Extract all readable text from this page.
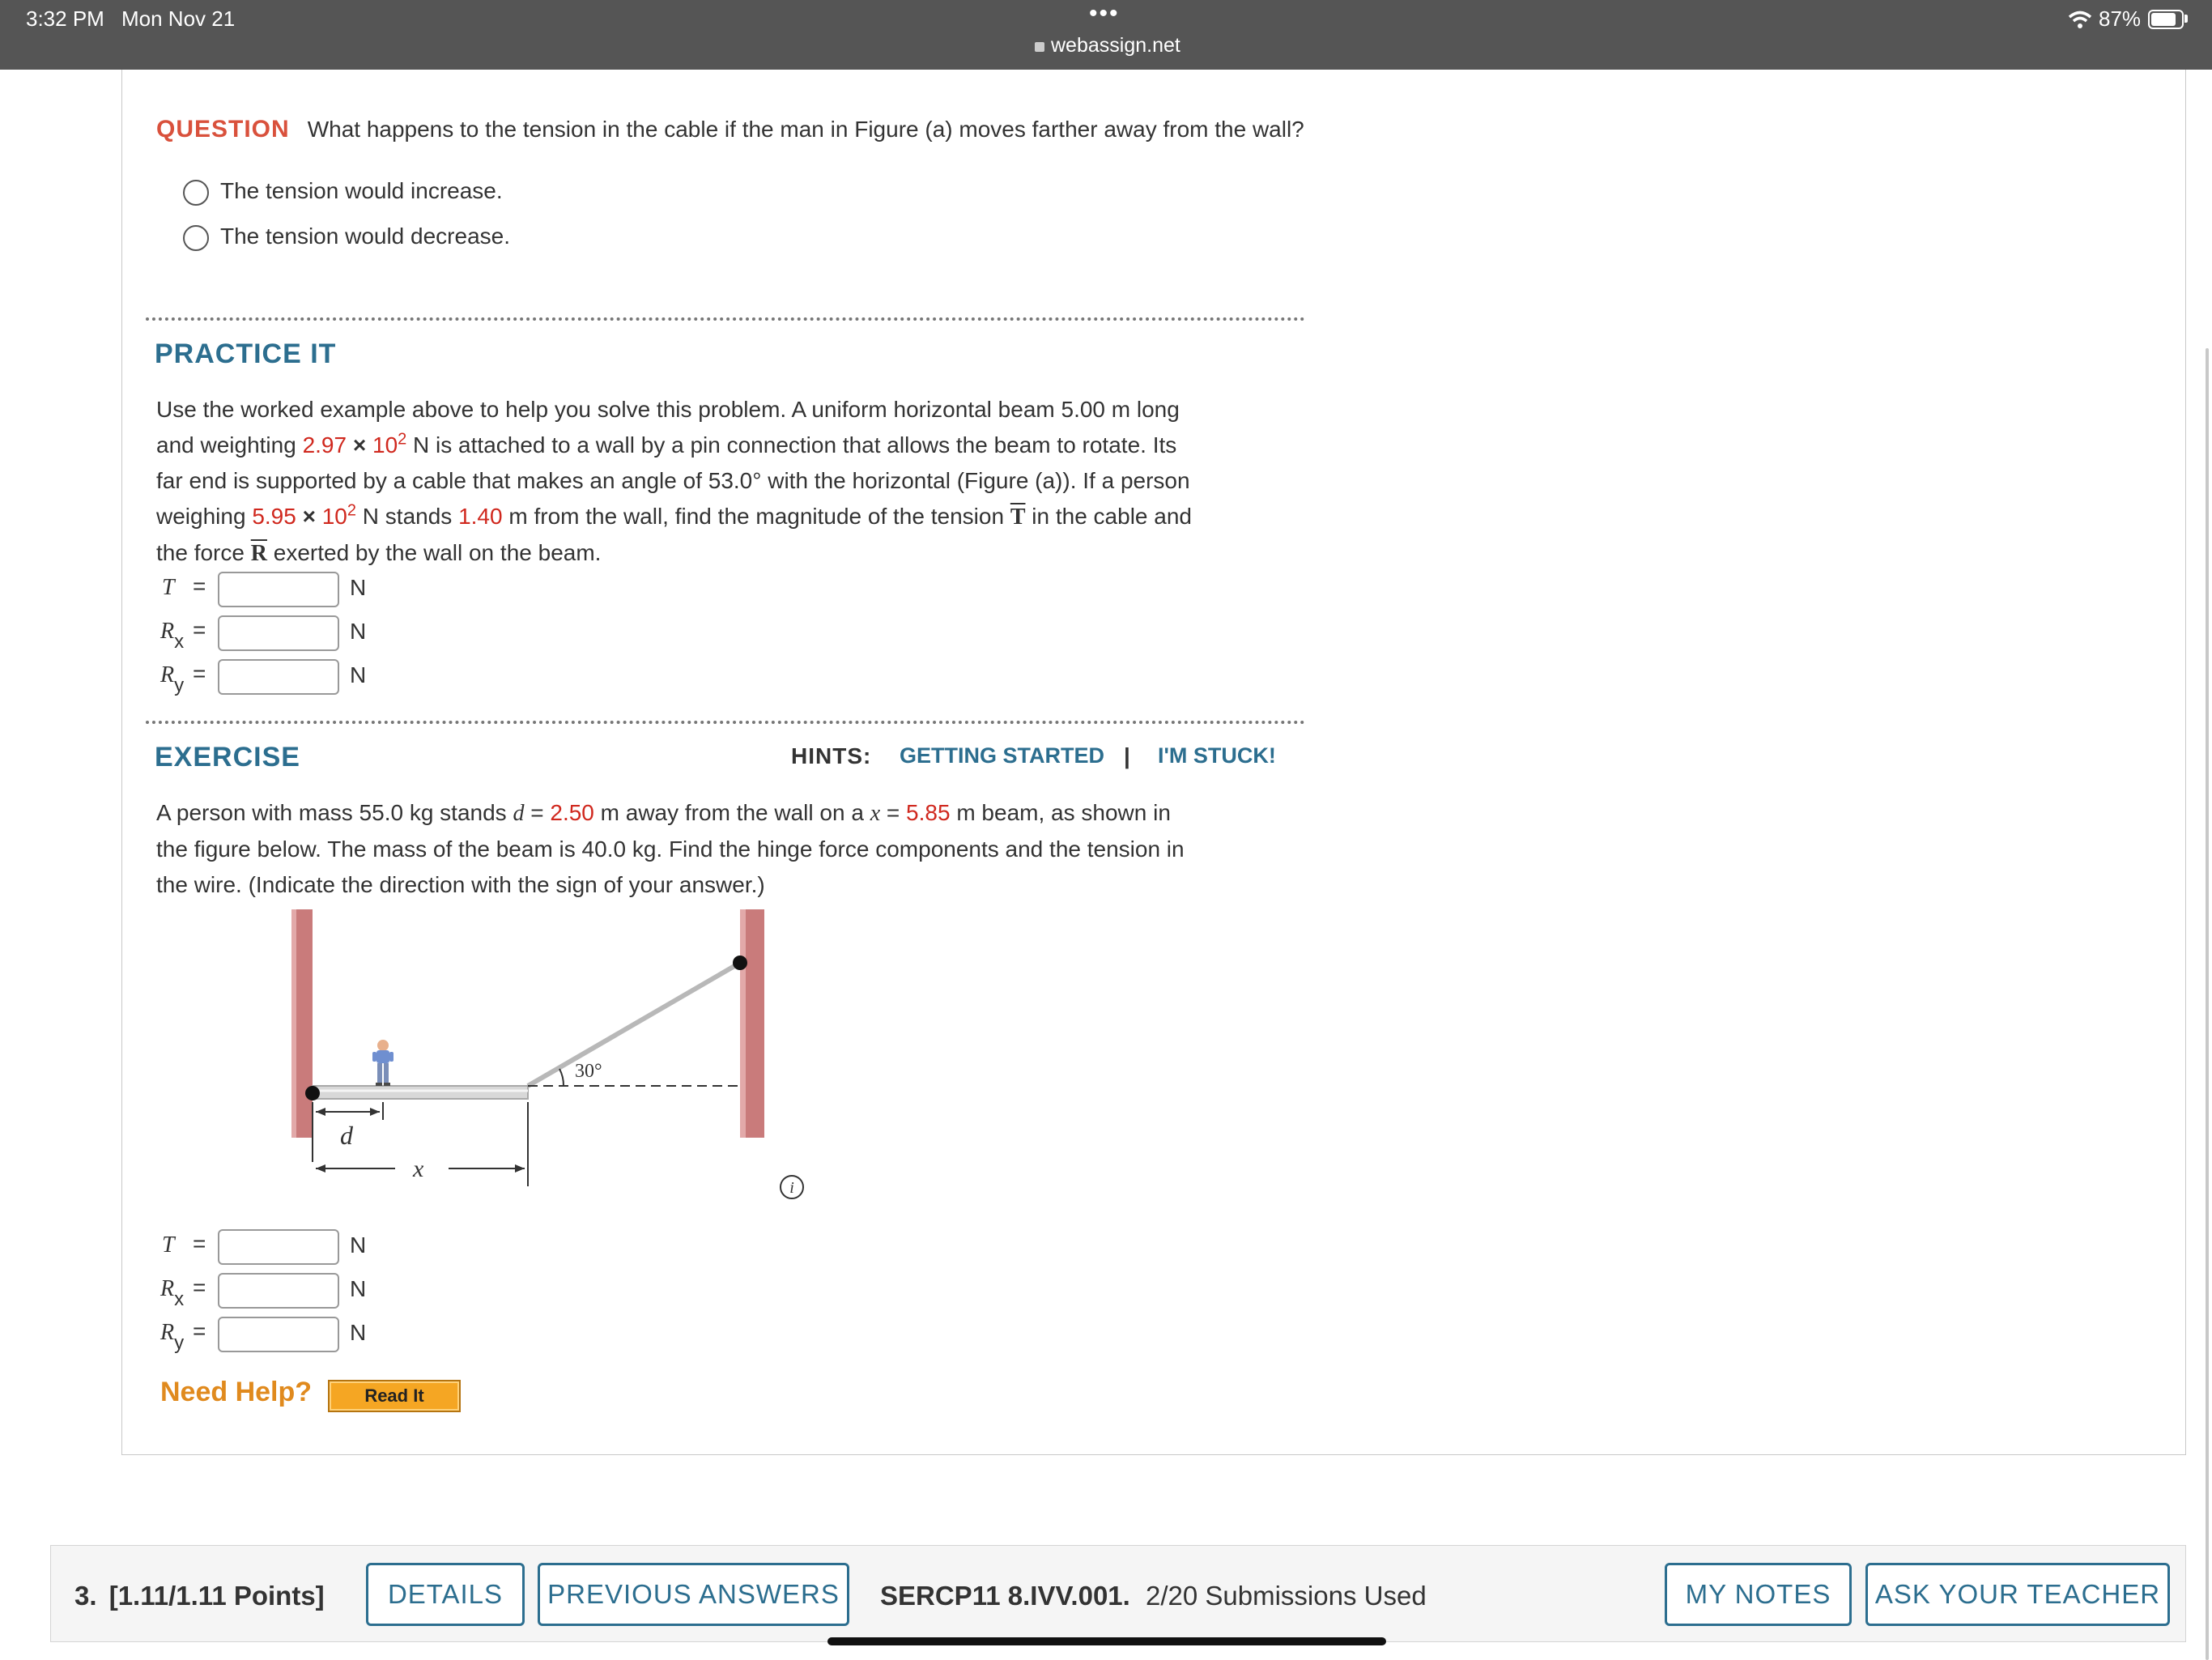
3:32 PM Mon Nov 21	•••
webassign.net
87%
QUESTION What happens to the tension in the cable if the man in Figure (a) moves farther away from the wall?
The tension would increase.
The tension would decrease.
PRACTICE IT
Use the worked example above to help you solve this problem. A uniform horizontal beam 5.00 m long
and weighting $2.97 \times 10^2$ N is attached to a wall by a pin connection that allows the beam to rotate. Its
far end is supported by a cable that makes an angle of 53.0° with the horizontal (Figure (a)). If a person
weighing $5.95 \times 10^2$ N stands 1.40 m from the wall, find the magnitude of the tension $\overline{T}$ in the cable and
the force $\overline{R}$ exerted by the wall on the beam.
T =	N
Rx =	N
Ry =	N
EXERCISE	HINTS: GETTING STARTED | I'M STUCK!
A person with mass 55.0 kg stands d = 2.50 m away from the wall on a x = 5.85 m beam, as shown in
the figure below. The mass of the beam is 40.0 kg. Find the hinge force components and the tension in
the wire. (Indicate the direction with the sign of your answer.)
30°
d
x
i
T =	N
Rx =	N
Ry =	N
Need Help?	Read It
3. [1.11/1.11 Points]	DETAILS	PREVIOUS ANSWERS	SERCP11 8.IVV.001. 2/20 Submissions Used	MY NOTES	ASK YOUR TEACHER
